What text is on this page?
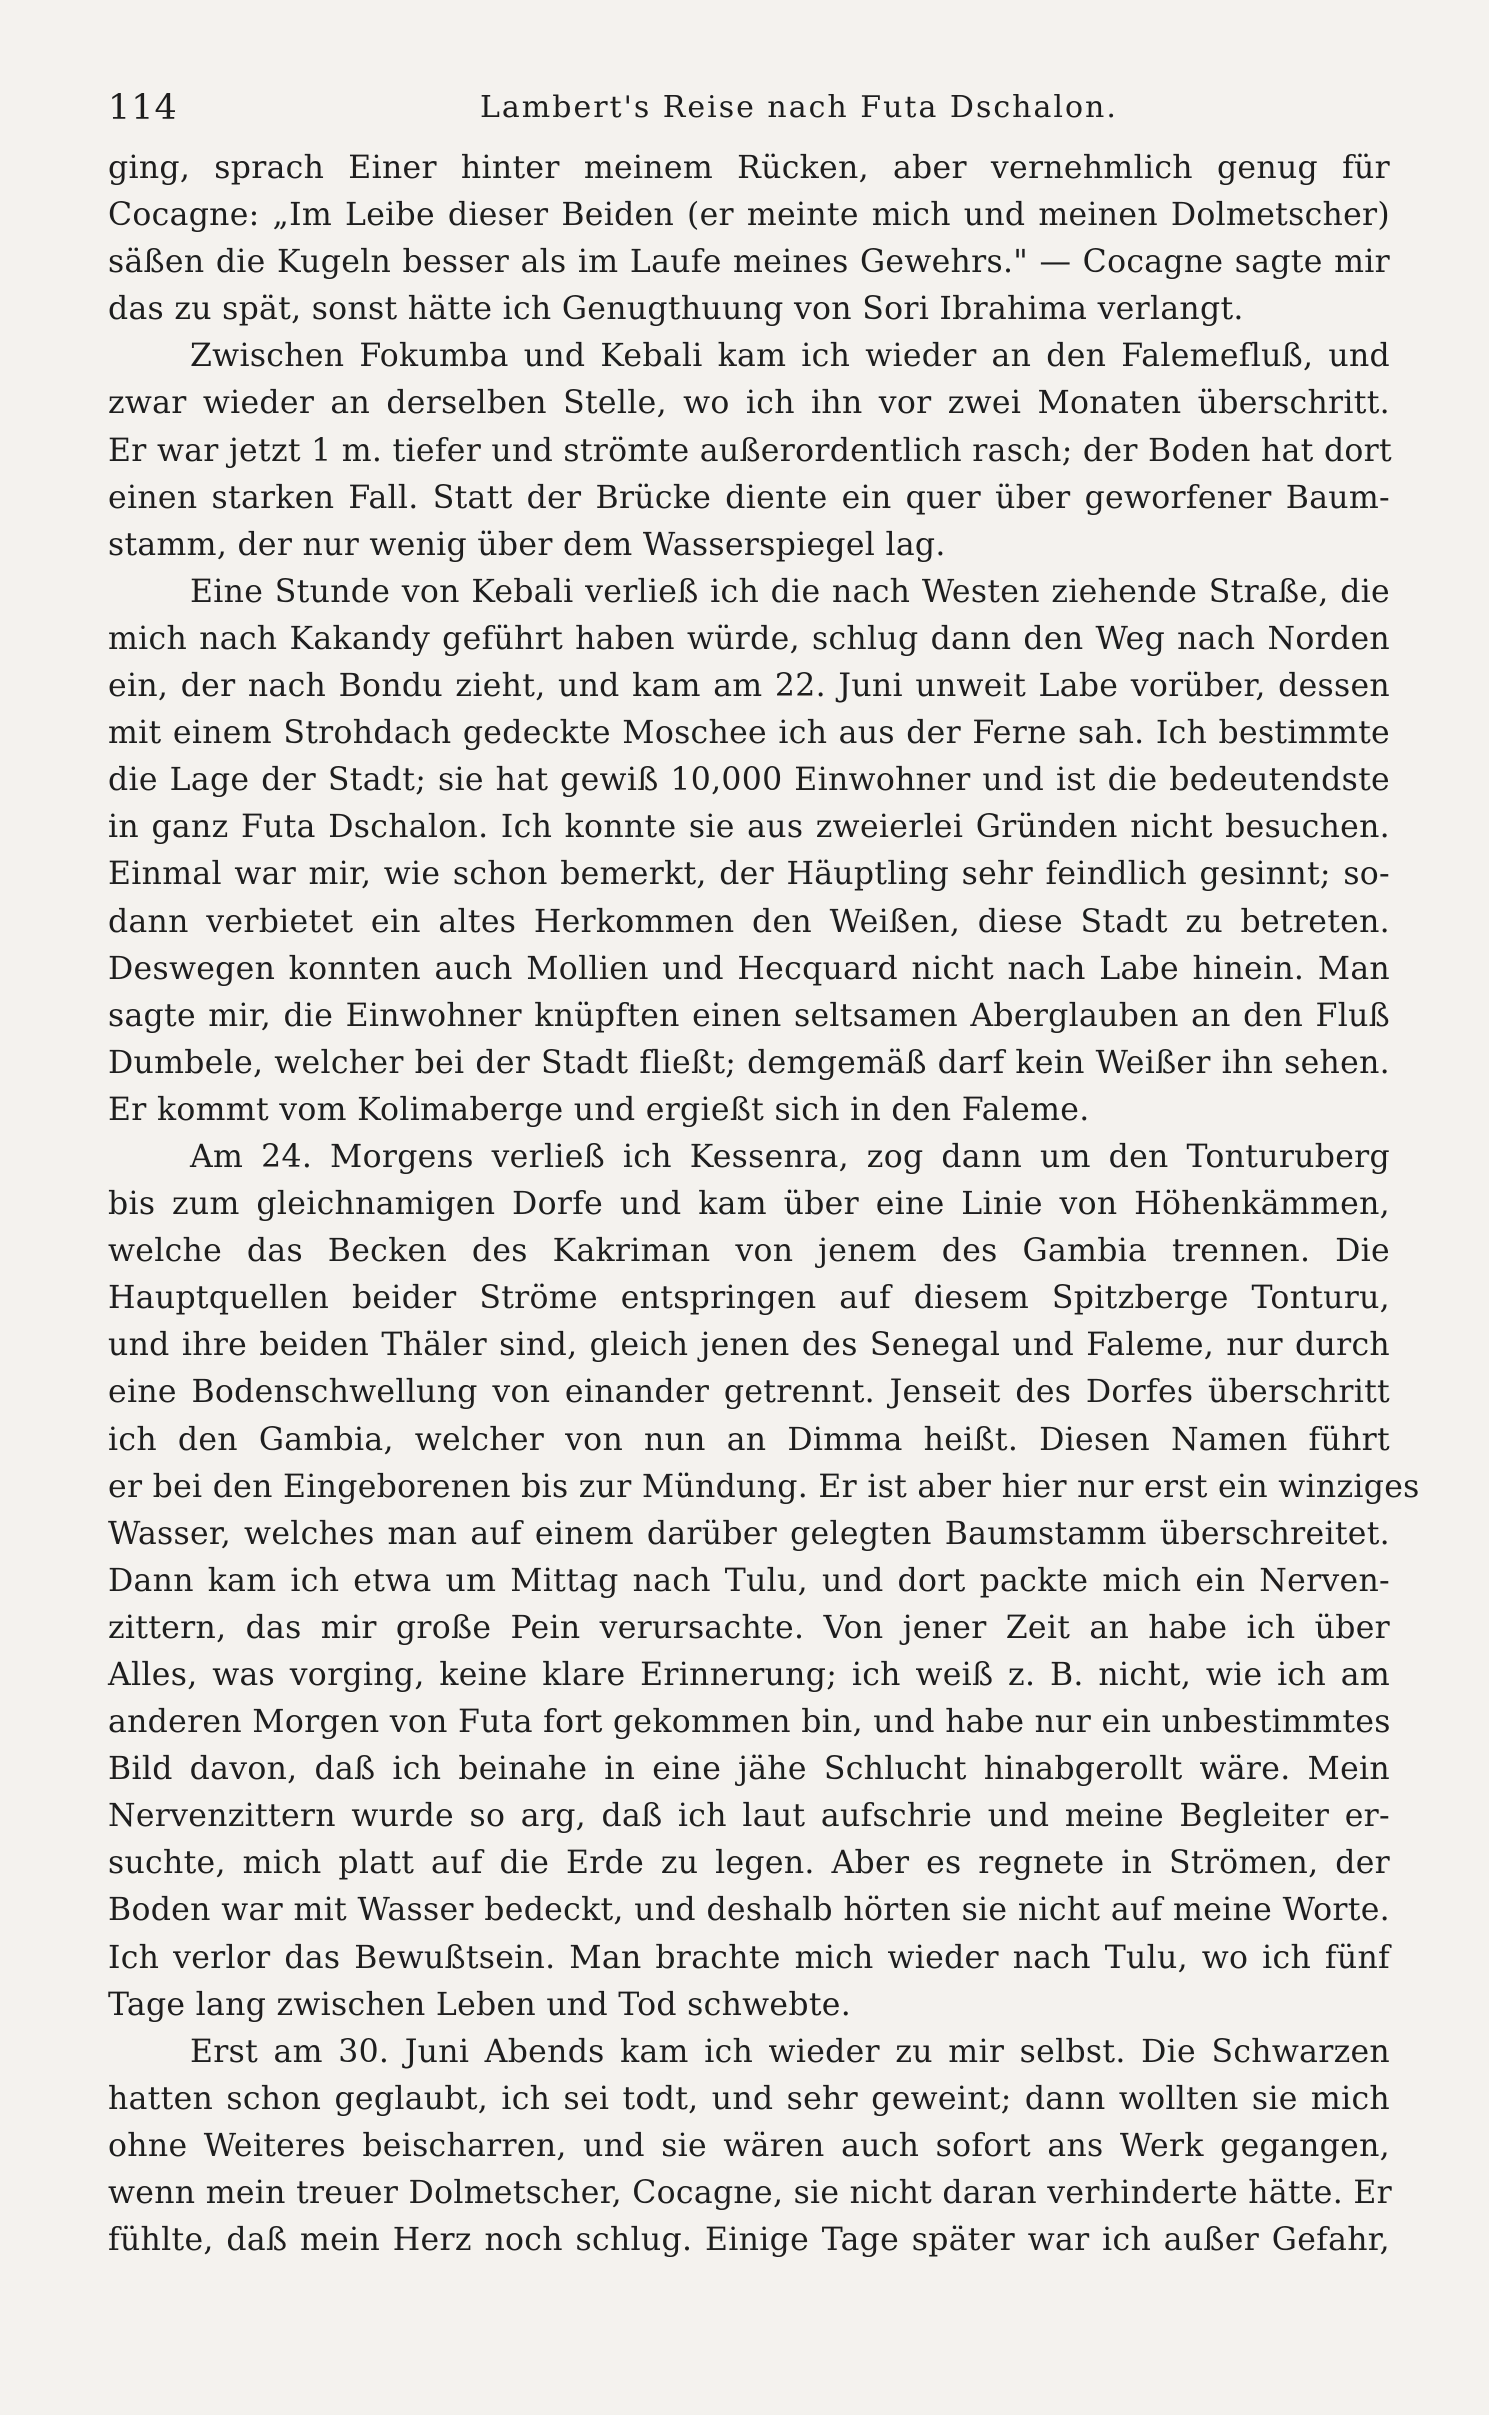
114	Lambert's Reise nach Futa Dschalon.
ging, sprach Einer hinter meinem Rücken, aber vernehmlich genug für
Cocagne: „Im Leibe dieser Beiden (er meinte mich und meinen Dolmetscher)
säßen die Kugeln besser als im Laufe meines Gewehrs." — Cocagne sagte mir
das zu spät, sonst hätte ich Genugthuung von Sori Ibrahima verlangt.
Zwischen Fokumba und Kebali kam ich wieder an den Falemefluß, und
zwar wieder an derselben Stelle, wo ich ihn vor zwei Monaten überschritt.
Er war jetzt 1 m. tiefer und strömte außerordentlich rasch; der Boden hat dort
einen starken Fall. Statt der Brücke diente ein quer über geworfener Baum-
stamm, der nur wenig über dem Wasserspiegel lag.
Eine Stunde von Kebali verließ ich die nach Westen ziehende Straße, die
mich nach Kakandy geführt haben würde, schlug dann den Weg nach Norden
ein, der nach Bondu zieht, und kam am 22. Juni unweit Labe vorüber, dessen
mit einem Strohdach gedeckte Moschee ich aus der Ferne sah. Ich bestimmte
die Lage der Stadt; sie hat gewiß 10,000 Einwohner und ist die bedeutendste
in ganz Futa Dschalon. Ich konnte sie aus zweierlei Gründen nicht besuchen.
Einmal war mir, wie schon bemerkt, der Häuptling sehr feindlich gesinnt; so-
dann verbietet ein altes Herkommen den Weißen, diese Stadt zu betreten.
Deswegen konnten auch Mollien und Hecquard nicht nach Labe hinein. Man
sagte mir, die Einwohner knüpften einen seltsamen Aberglauben an den Fluß
Dumbele, welcher bei der Stadt fließt; demgemäß darf kein Weißer ihn sehen.
Er kommt vom Kolimaberge und ergießt sich in den Faleme.
Am 24. Morgens verließ ich Kessenra, zog dann um den Tonturuberg
bis zum gleichnamigen Dorfe und kam über eine Linie von Höhenkämmen,
welche das Becken des Kakriman von jenem des Gambia trennen. Die
Hauptquellen beider Ströme entspringen auf diesem Spitzberge Tonturu,
und ihre beiden Thäler sind, gleich jenen des Senegal und Faleme, nur durch
eine Bodenschwellung von einander getrennt. Jenseit des Dorfes überschritt
ich den Gambia, welcher von nun an Dimma heißt. Diesen Namen führt
er bei den Eingeborenen bis zur Mündung. Er ist aber hier nur erst ein winziges
Wasser, welches man auf einem darüber gelegten Baumstamm überschreitet.
Dann kam ich etwa um Mittag nach Tulu, und dort packte mich ein Nerven-
zittern, das mir große Pein verursachte. Von jener Zeit an habe ich über
Alles, was vorging, keine klare Erinnerung; ich weiß z. B. nicht, wie ich am
anderen Morgen von Futa fort gekommen bin, und habe nur ein unbestimmtes
Bild davon, daß ich beinahe in eine jähe Schlucht hinabgerollt wäre. Mein
Nervenzittern wurde so arg, daß ich laut aufschrie und meine Begleiter er-
suchte, mich platt auf die Erde zu legen. Aber es regnete in Strömen, der
Boden war mit Wasser bedeckt, und deshalb hörten sie nicht auf meine Worte.
Ich verlor das Bewußtsein. Man brachte mich wieder nach Tulu, wo ich fünf
Tage lang zwischen Leben und Tod schwebte.
Erst am 30. Juni Abends kam ich wieder zu mir selbst. Die Schwarzen
hatten schon geglaubt, ich sei todt, und sehr geweint; dann wollten sie mich
ohne Weiteres beischarren, und sie wären auch sofort ans Werk gegangen,
wenn mein treuer Dolmetscher, Cocagne, sie nicht daran verhinderte hätte. Er
fühlte, daß mein Herz noch schlug. Einige Tage später war ich außer Gefahr,
